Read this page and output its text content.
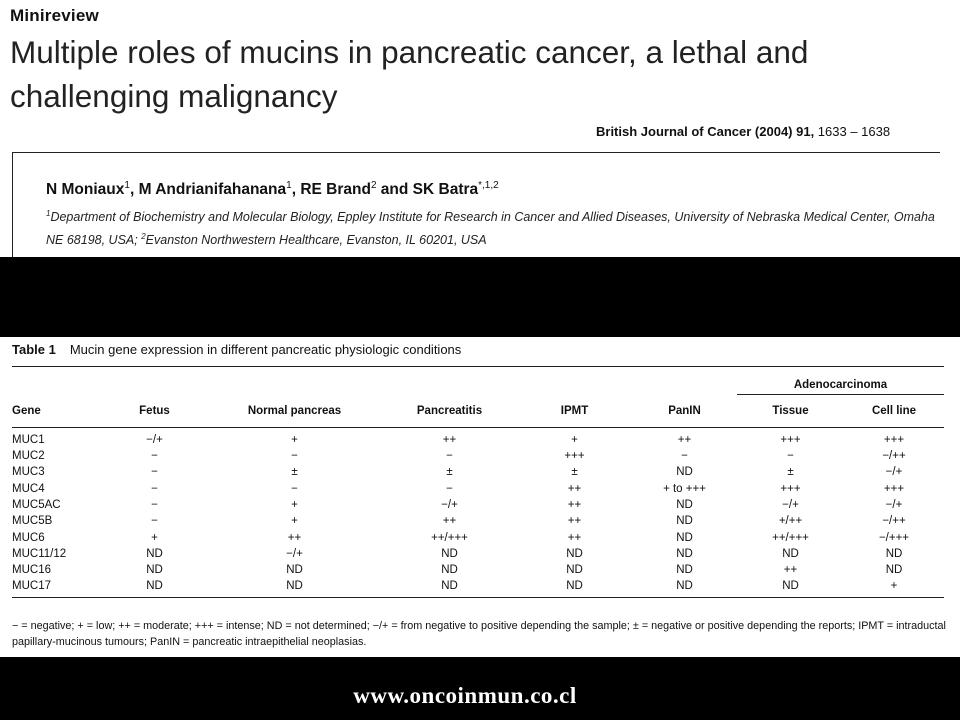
Minireview
Multiple roles of mucins in pancreatic cancer, a lethal and challenging malignancy
British Journal of Cancer (2004) 91, 1633 – 1638
N Moniaux$^1$, M Andrianifahanana$^1$, RE Brand$^2$ and SK Batra$^{*,1,2}$
$^1$Department of Biochemistry and Molecular Biology, Eppley Institute for Research in Cancer and Allied Diseases, University of Nebraska Medical Center, Omaha NE 68198, USA; $^2$Evanston Northwestern Healthcare, Evanston, IL 60201, USA
Table 1 Mucin gene expression in different pancreatic physiologic conditions
						Adenocarcinoma	
Gene	Fetus	Normal pancreas	Pancreatitis	IPMT	PanIN	Tissue	Cell line
MUC1	−/+	+	++	+	++	+++	+++
MUC2	−	−	−	+++	−	−	−/++
MUC3	−	±	±	±	ND	±	−/+
MUC4	−	−	−	++	+ to +++	+++	+++
MUC5AC	−	+	−/+	++	ND	−/+	−/+
MUC5B	−	+	++	++	ND	+/++	−/++
MUC6	+	++	++/+++	++	ND	++/+++	−/+++
MUC11/12	ND	−/+	ND	ND	ND	ND	ND
MUC16	ND	ND	ND	ND	ND	++	ND
MUC17	ND	ND	ND	ND	ND	ND	+
− = negative; + = low; ++ = moderate; +++ = intense; ND = not determined; −/+ = from negative to positive depending the sample; ± = negative or positive depending the reports; IPMT = intraductal papillary-mucinous tumours; PanIN = pancreatic intraepithelial neoplasias.
www.oncoinmun.co.cl
